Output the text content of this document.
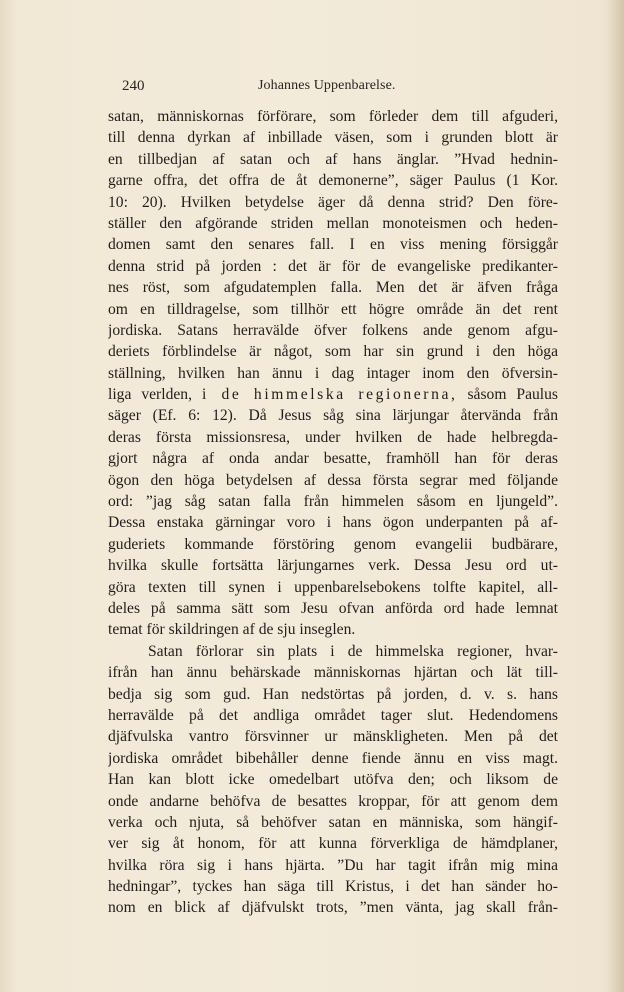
240	Johannes Uppenbarelse.
satan, människornas förförare, som förleder dem till afguderi,
till denna dyrkan af inbillade väsen, som i grunden blott är
en tillbedjan af satan och af hans änglar. ”Hvad hednin-
garne offra, det offra de åt demonerne”, säger Paulus (1 Kor.
10: 20). Hvilken betydelse äger då denna strid? Den före-
ställer den afgörande striden mellan monoteismen och heden-
domen samt den senares fall. I en viss mening försiggår
denna strid på jorden : det är för de evangeliske predikanter-
nes röst, som afgudatemplen falla. Men det är äfven fråga
om en tilldragelse, som tillhör ett högre område än det rent
jordiska. Satans herravälde öfver folkens ande genom afgu-
deriets förblindelse är något, som har sin grund i den höga
ställning, hvilken han ännu i dag intager inom den öfversin-
liga verlden, i de himmelska regionerna, såsom Paulus
säger (Ef. 6: 12). Då Jesus såg sina lärjungar återvända från
deras första missionsresa, under hvilken de hade helbregda-
gjort några af onda andar besatte, framhöll han för deras
ögon den höga betydelsen af dessa första segrar med följande
ord: ”jag såg satan falla från himmelen såsom en ljungeld”.
Dessa enstaka gärningar voro i hans ögon underpanten på af-
guderiets kommande förstöring genom evangelii budbärare,
hvilka skulle fortsätta lärjungarnes verk. Dessa Jesu ord ut-
göra texten till synen i uppenbarelsebokens tolfte kapitel, all-
deles på samma sätt som Jesu ofvan anförda ord hade lemnat
temat för skildringen af de sju inseglen.
Satan förlorar sin plats i de himmelska regioner, hvar-
ifrån han ännu behärskade människornas hjärtan och lät till-
bedja sig som gud. Han nedstörtas på jorden, d. v. s. hans
herravälde på det andliga området tager slut. Hedendomens
djäfvulska vantro försvinner ur mänskligheten. Men på det
jordiska området bibehåller denne fiende ännu en viss magt.
Han kan blott icke omedelbart utöfva den; och liksom de
onde andarne behöfva de besattes kroppar, för att genom dem
verka och njuta, så behöfver satan en människa, som hängif-
ver sig åt honom, för att kunna förverkliga de hämdplaner,
hvilka röra sig i hans hjärta. ”Du har tagit ifrån mig mina
hedningar”, tyckes han säga till Kristus, i det han sänder ho-
nom en blick af djäfvulskt trots, ”men vänta, jag skall från-
